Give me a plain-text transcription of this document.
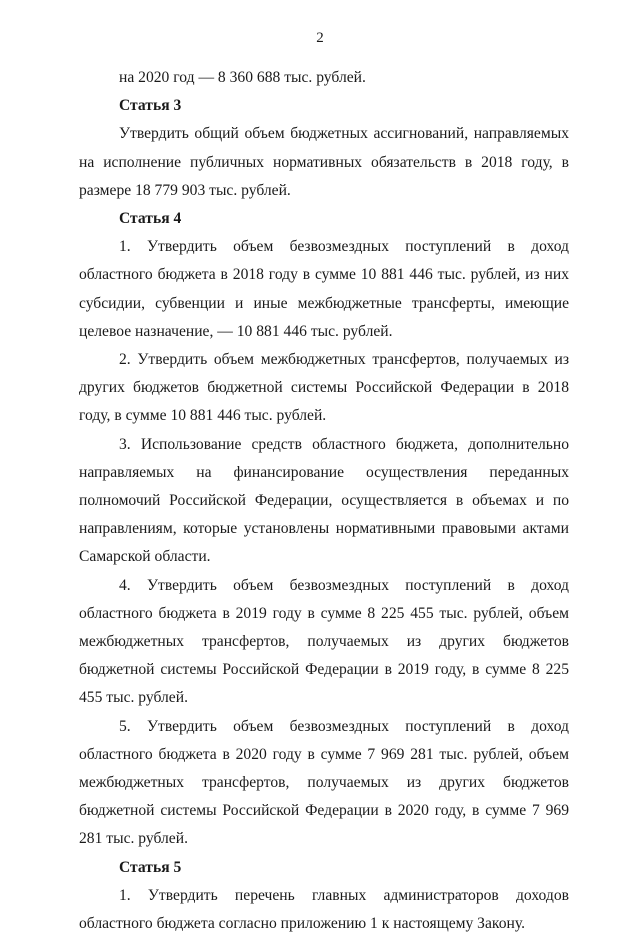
2

на 2020 год — 8 360 688 тыс. рублей.

Статья 3

Утвердить общий объем бюджетных ассигнований, направляемых на исполнение публичных нормативных обязательств в 2018 году, в размере 18 779 903 тыс. рублей.

Статья 4

1. Утвердить объем безвозмездных поступлений в доход областного бюджета в 2018 году в сумме 10 881 446 тыс. рублей, из них субсидии, субвенции и иные межбюджетные трансферты, имеющие целевое назначение, — 10 881 446 тыс. рублей.

2. Утвердить объем межбюджетных трансфертов, получаемых из других бюджетов бюджетной системы Российской Федерации в 2018 году, в сумме 10 881 446 тыс. рублей.

3. Использование средств областного бюджета, дополнительно направляемых на финансирование осуществления переданных полномочий Российской Федерации, осуществляется в объемах и по направлениям, которые установлены нормативными правовыми актами Самарской области.

4. Утвердить объем безвозмездных поступлений в доход областного бюджета в 2019 году в сумме 8 225 455 тыс. рублей, объем межбюджетных трансфертов, получаемых из других бюджетов бюджетной системы Российской Федерации в 2019 году, в сумме 8 225 455 тыс. рублей.

5. Утвердить объем безвозмездных поступлений в доход областного бюджета в 2020 году в сумме 7 969 281 тыс. рублей, объем межбюджетных трансфертов, получаемых из других бюджетов бюджетной системы Российской Федерации в 2020 году, в сумме 7 969 281 тыс. рублей.

Статья 5

1. Утвердить перечень главных администраторов доходов областного бюджета согласно приложению 1 к настоящему Закону.
